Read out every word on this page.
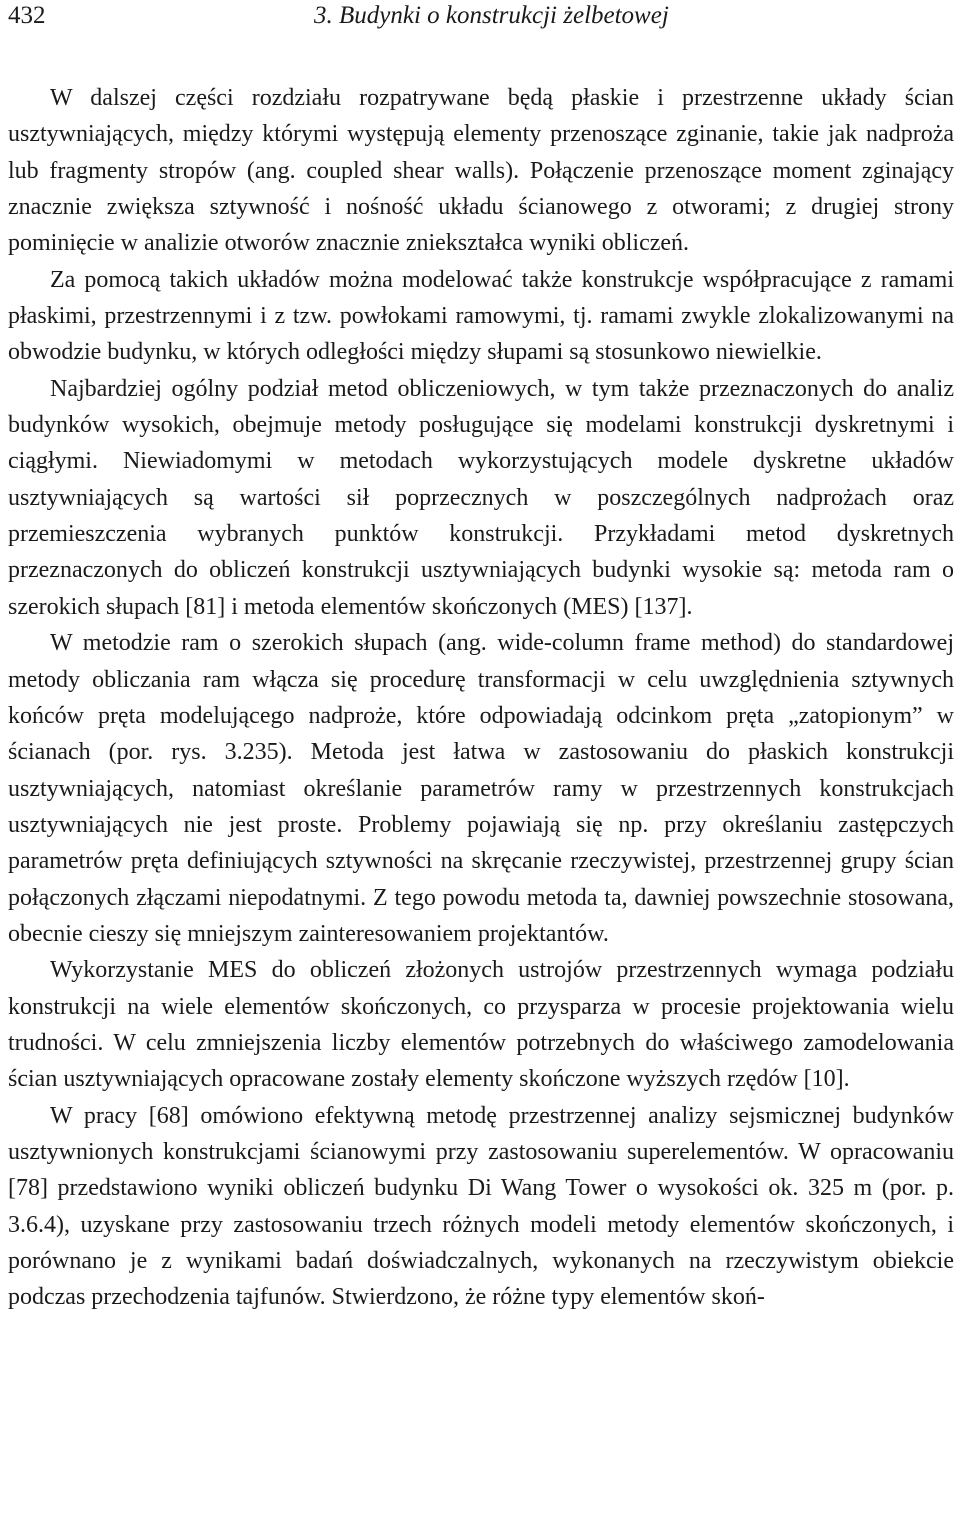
432	3. Budynki o konstrukcji żelbetowej

W dalszej części rozdziału rozpatrywane będą płaskie i przestrzenne układy ścian usztywniających, między którymi występują elementy przenoszące zginanie, takie jak nadproża lub fragmenty stropów (ang. coupled shear walls). Połączenie przenoszące moment zginający znacznie zwiększa sztywność i nośność układu ścianowego z otworami; z drugiej strony pominięcie w analizie otworów znacznie zniekształca wyniki obliczeń.

Za pomocą takich układów można modelować także konstrukcje współpracujące z ramami płaskimi, przestrzennymi i z tzw. powłokami ramowymi, tj. ramami zwykle zlokalizowanymi na obwodzie budynku, w których odległości między słupami są stosunkowo niewielkie.

Najbardziej ogólny podział metod obliczeniowych, w tym także przeznaczonych do analiz budynków wysokich, obejmuje metody posługujące się modelami konstrukcji dyskretnymi i ciągłymi. Niewiadomymi w metodach wykorzystujących modele dyskretne układów usztywniających są wartości sił poprzecznych w poszczególnych nadprożach oraz przemieszczenia wybranych punktów konstrukcji. Przykładami metod dyskretnych przeznaczonych do obliczeń konstrukcji usztywniających budynki wysokie są: metoda ram o szerokich słupach [81] i metoda elementów skończonych (MES) [137].

W metodzie ram o szerokich słupach (ang. wide-column frame method) do standardowej metody obliczania ram włącza się procedurę transformacji w celu uwzględnienia sztywnych końców pręta modelującego nadproże, które odpowiadają odcinkom pręta „zatopionym” w ścianach (por. rys. 3.235). Metoda jest łatwa w zastosowaniu do płaskich konstrukcji usztywniających, natomiast określanie parametrów ramy w przestrzennych konstrukcjach usztywniających nie jest proste. Problemy pojawiają się np. przy określaniu zastępczych parametrów pręta definiujących sztywności na skręcanie rzeczywistej, przestrzennej grupy ścian połączonych złączami niepodatnymi. Z tego powodu metoda ta, dawniej powszechnie stosowana, obecnie cieszy się mniejszym zainteresowaniem projektantów.

Wykorzystanie MES do obliczeń złożonych ustrojów przestrzennych wymaga podziału konstrukcji na wiele elementów skończonych, co przysparza w procesie projektowania wielu trudności. W celu zmniejszenia liczby elementów potrzebnych do właściwego zamodelowania ścian usztywniających opracowane zostały elementy skończone wyższych rzędów [10].

W pracy [68] omówiono efektywną metodę przestrzennej analizy sejsmicznej budynków usztywnionych konstrukcjami ścianowymi przy zastosowaniu superelementów. W opracowaniu [78] przedstawiono wyniki obliczeń budynku Di Wang Tower o wysokości ok. 325 m (por. p. 3.6.4), uzyskane przy zastosowaniu trzech różnych modeli metody elementów skończonych, i porównano je z wynikami badań doświadczalnych, wykonanych na rzeczywistym obiekcie podczas przechodzenia tajfunów. Stwierdzono, że różne typy elementów skoń-
